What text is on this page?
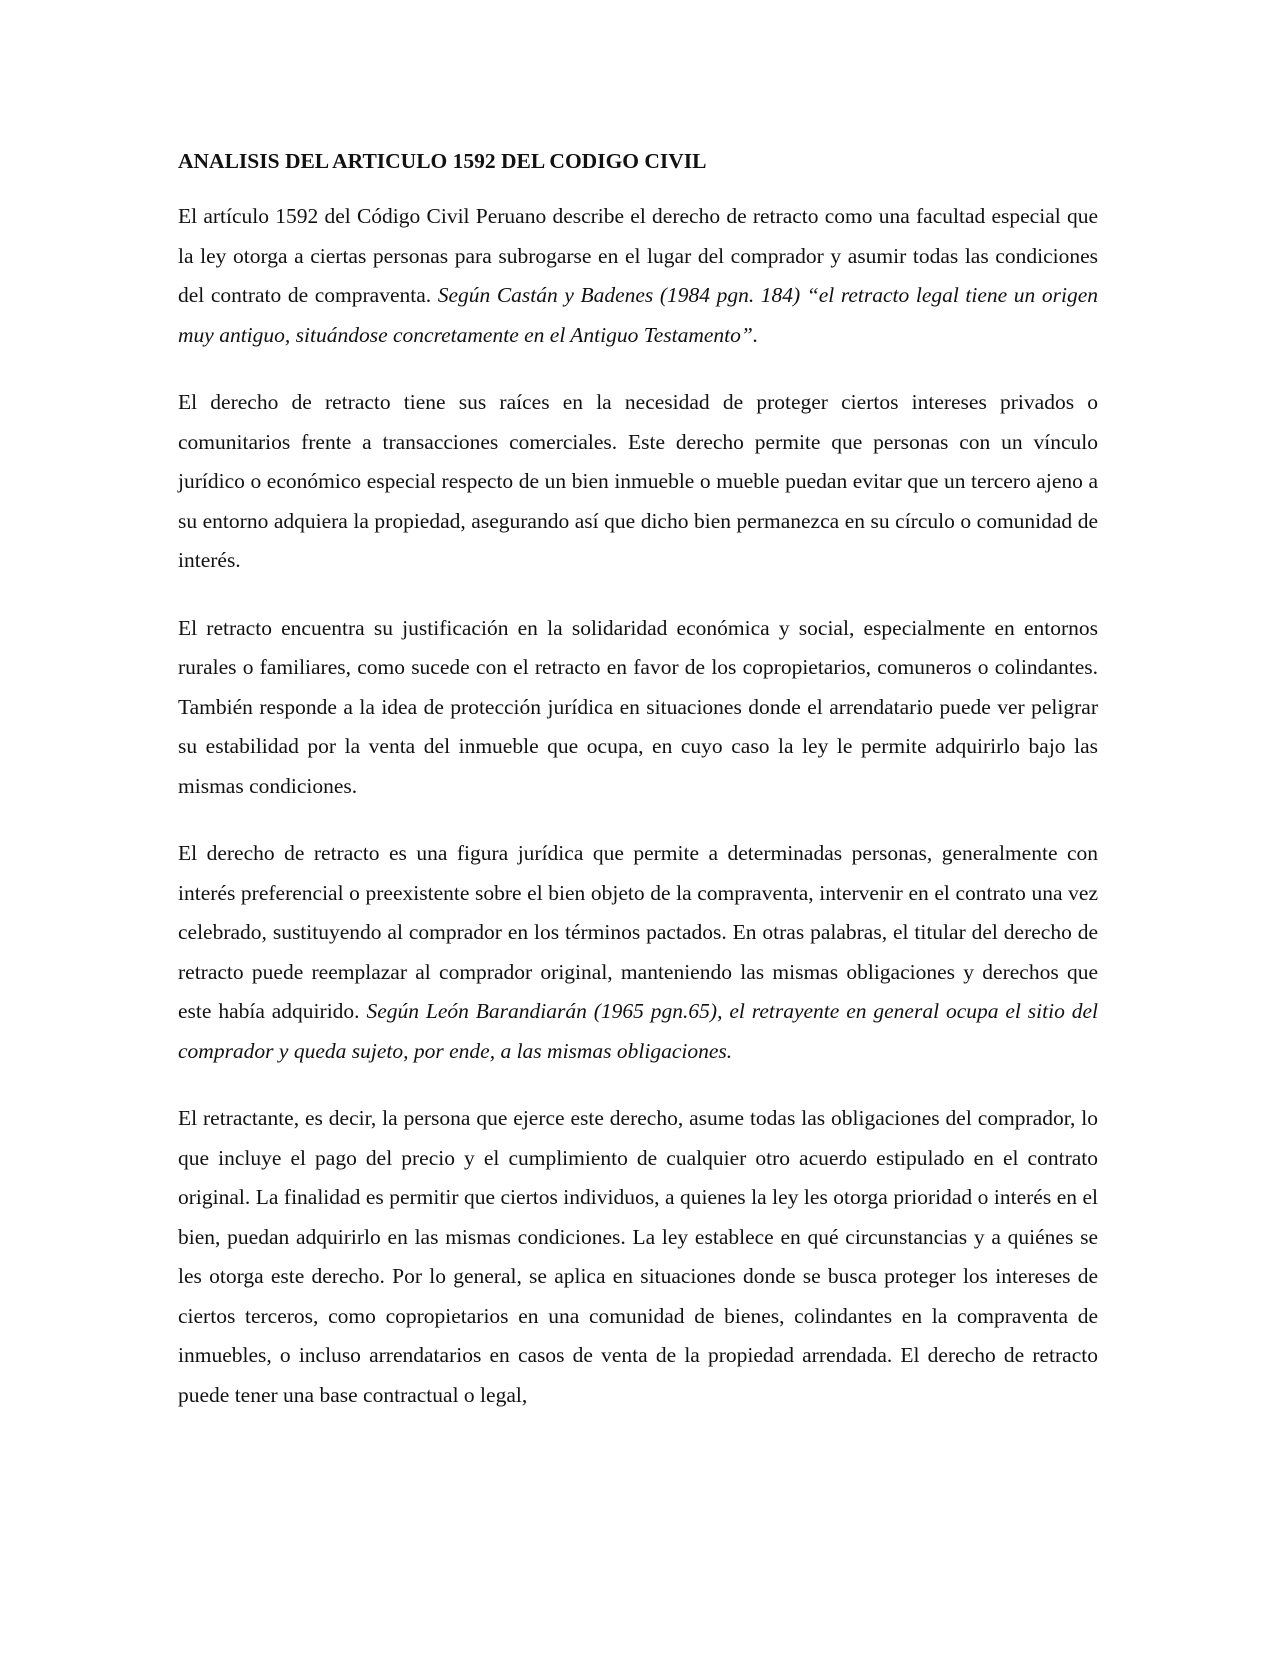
ANALISIS DEL ARTICULO 1592 DEL CODIGO CIVIL

El artículo 1592 del Código Civil Peruano describe el derecho de retracto como una facultad especial que la ley otorga a ciertas personas para subrogarse en el lugar del comprador y asumir todas las condiciones del contrato de compraventa. Según Castán y Badenes (1984 pgn. 184) “el retracto legal tiene un origen muy antiguo, situándose concretamente en el Antiguo Testamento”.

El derecho de retracto tiene sus raíces en la necesidad de proteger ciertos intereses privados o comunitarios frente a transacciones comerciales. Este derecho permite que personas con un vínculo jurídico o económico especial respecto de un bien inmueble o mueble puedan evitar que un tercero ajeno a su entorno adquiera la propiedad, asegurando así que dicho bien permanezca en su círculo o comunidad de interés.

El retracto encuentra su justificación en la solidaridad económica y social, especialmente en entornos rurales o familiares, como sucede con el retracto en favor de los copropietarios, comuneros o colindantes. También responde a la idea de protección jurídica en situaciones donde el arrendatario puede ver peligrar su estabilidad por la venta del inmueble que ocupa, en cuyo caso la ley le permite adquirirlo bajo las mismas condiciones.

El derecho de retracto es una figura jurídica que permite a determinadas personas, generalmente con interés preferencial o preexistente sobre el bien objeto de la compraventa, intervenir en el contrato una vez celebrado, sustituyendo al comprador en los términos pactados. En otras palabras, el titular del derecho de retracto puede reemplazar al comprador original, manteniendo las mismas obligaciones y derechos que este había adquirido. Según León Barandiarán (1965 pgn.65), el retrayente en general ocupa el sitio del comprador y queda sujeto, por ende, a las mismas obligaciones.

El retractante, es decir, la persona que ejerce este derecho, asume todas las obligaciones del comprador, lo que incluye el pago del precio y el cumplimiento de cualquier otro acuerdo estipulado en el contrato original. La finalidad es permitir que ciertos individuos, a quienes la ley les otorga prioridad o interés en el bien, puedan adquirirlo en las mismas condiciones. La ley establece en qué circunstancias y a quiénes se les otorga este derecho. Por lo general, se aplica en situaciones donde se busca proteger los intereses de ciertos terceros, como copropietarios en una comunidad de bienes, colindantes en la compraventa de inmuebles, o incluso arrendatarios en casos de venta de la propiedad arrendada. El derecho de retracto puede tener una base contractual o legal,
